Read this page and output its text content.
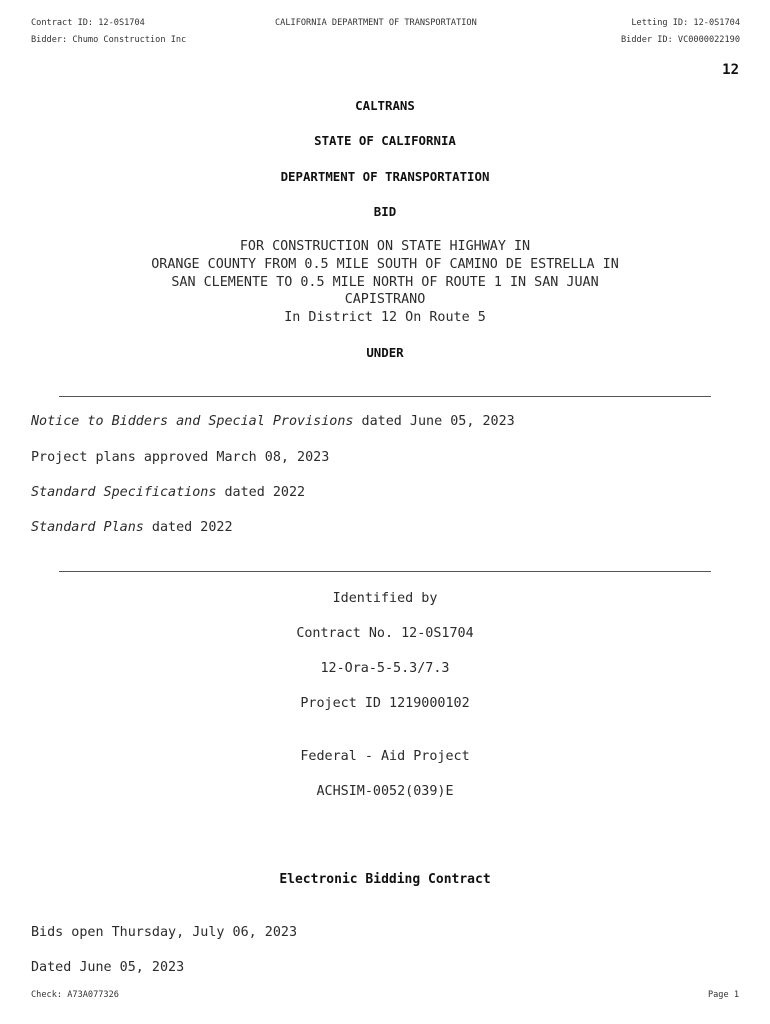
Contract ID: 12-0S1704
Bidder: Chumo Construction Inc
CALIFORNIA DEPARTMENT OF TRANSPORTATION	Letting ID: 12-0S1704
Bidder ID: VC0000022190
12
CALTRANS
STATE OF CALIFORNIA
DEPARTMENT OF TRANSPORTATION
BID
FOR CONSTRUCTION ON STATE HIGHWAY IN
ORANGE COUNTY FROM 0.5 MILE SOUTH OF CAMINO DE ESTRELLA IN
SAN CLEMENTE TO 0.5 MILE NORTH OF ROUTE 1 IN SAN JUAN
CAPISTRANO
In District 12 On Route 5
UNDER
Notice to Bidders and Special Provisions dated June 05, 2023
Project plans approved March 08, 2023
Standard Specifications dated 2022
Standard Plans dated 2022
Identified by
Contract No. 12-0S1704
12-Ora-5-5.3/7.3
Project ID 1219000102
Federal - Aid Project
ACHSIM-0052(039)E
Electronic Bidding Contract
Bids open Thursday, July 06, 2023
Dated June 05, 2023
Check: A73A077326	Page 1
